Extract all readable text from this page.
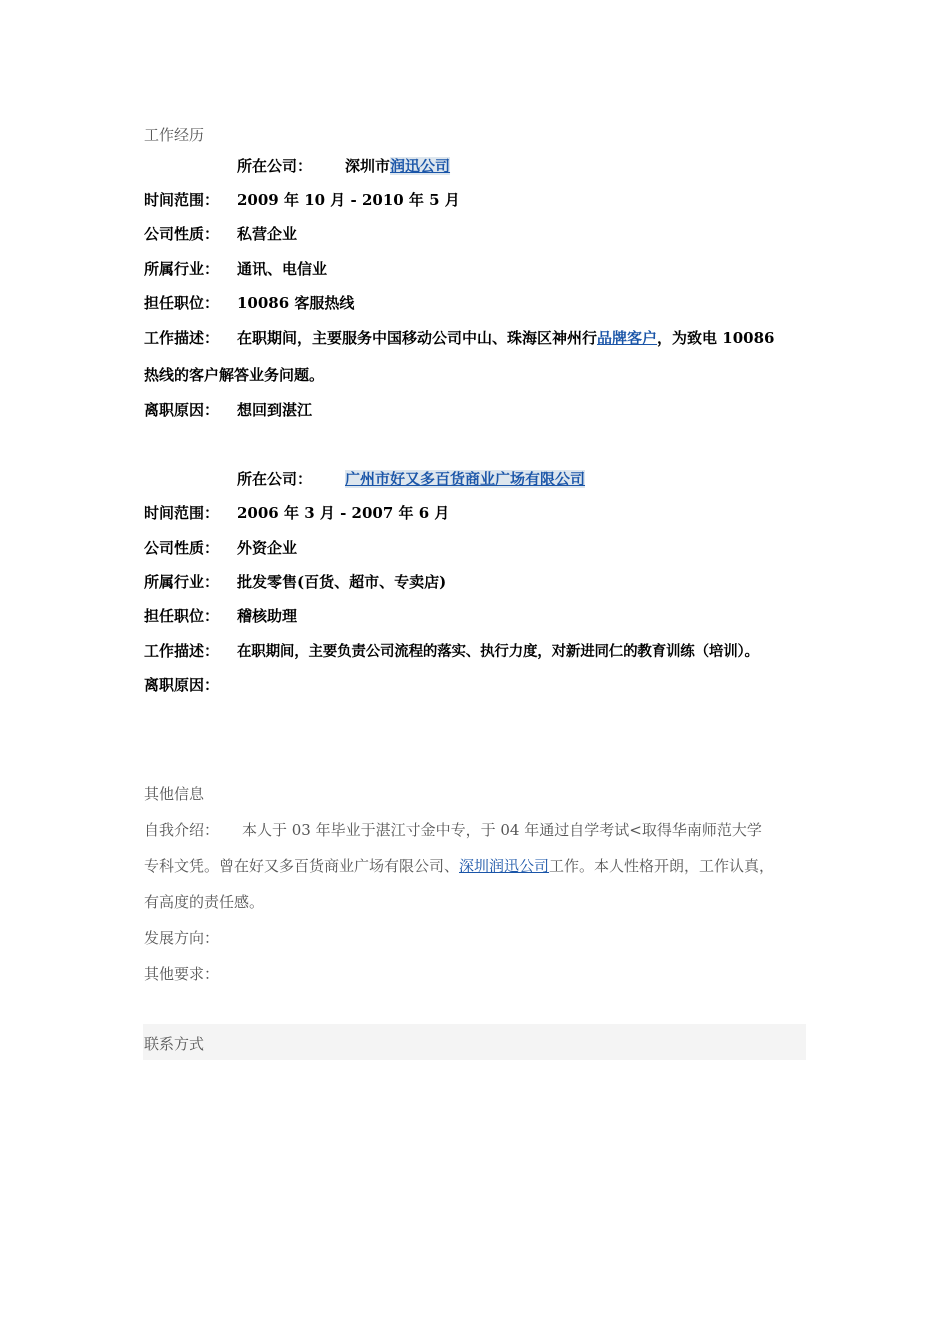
工作经历
所在公司： 深圳市润迅公司
时间范围： 2009 年 10 月 - 2010 年 5 月
公司性质： 私营企业
所属行业： 通讯、电信业
担任职位： 10086 客服热线
工作描述： 在职期间，主要服务中国移动公司中山、珠海区神州行品牌客户，为致电 10086
热线的客户解答业务问题。
离职原因： 想回到湛江
所在公司： 广州市好又多百货商业广场有限公司
时间范围： 2006 年 3 月 - 2007 年 6 月
公司性质： 外资企业
所属行业： 批发零售(百货、超市、专卖店)
担任职位： 稽核助理
工作描述： 在职期间，主要负责公司流程的落实、执行力度，对新进同仁的教育训练（培训）。
离职原因：
其他信息
自我介绍： 本人于 03 年毕业于湛江寸金中专，于 04 年通过自学考试<取得华南师范大学
专科文凭。曾在好又多百货商业广场有限公司、深圳润迅公司工作。本人性格开朗，工作认真，
有高度的责任感。
发展方向：
其他要求：
联系方式
